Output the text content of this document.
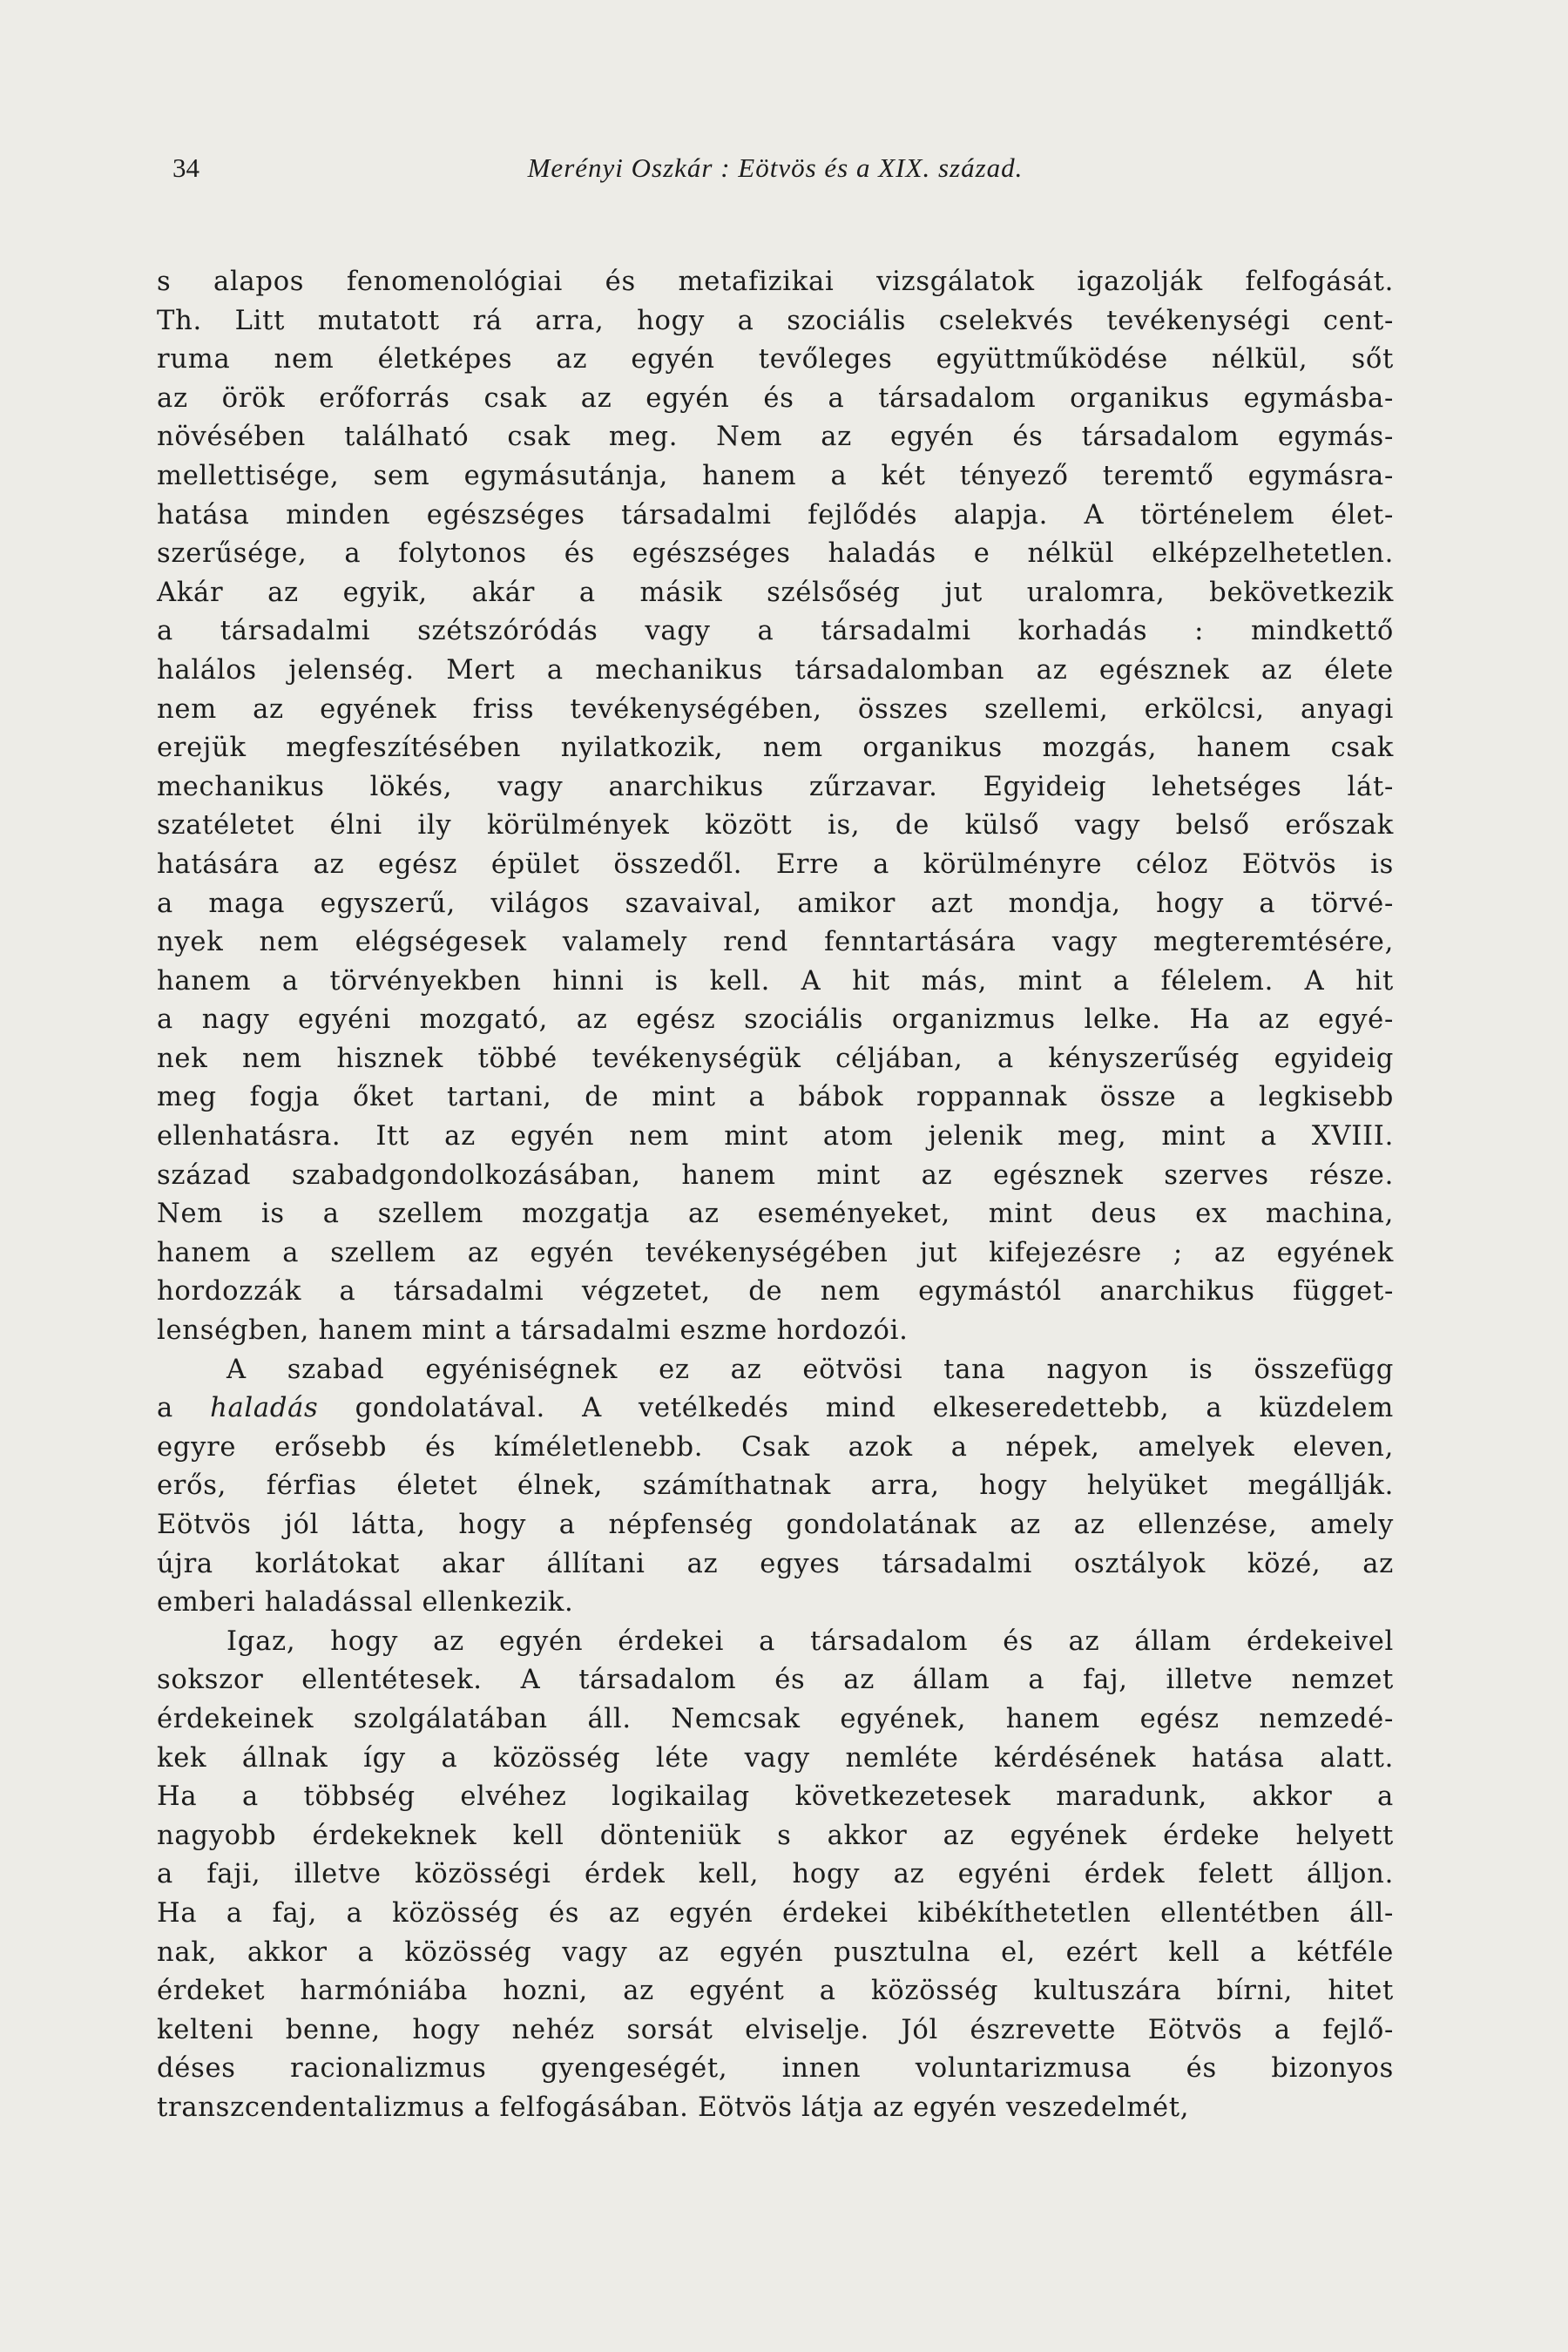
34	Merényi Oszkár : Eötvös és a XIX. század.
s alapos fenomenológiai és metafizikai vizsgálatok igazolják felfogását.
Th. Litt mutatott rá arra, hogy a szociális cselekvés tevékenységi cent-
ruma nem életképes az egyén tevőleges együttműködése nélkül, sőt
az örök erőforrás csak az egyén és a társadalom organikus egymásba-
növésében található csak meg. Nem az egyén és társadalom egymás-
mellettisége, sem egymásutánja, hanem a két tényező teremtő egymásra-
hatása minden egészséges társadalmi fejlődés alapja. A történelem élet-
szerűsége, a folytonos és egészséges haladás e nélkül elképzelhetetlen.
Akár az egyik, akár a másik szélsőség jut uralomra, bekövetkezik
a társadalmi szétszóródás vagy a társadalmi korhadás : mindkettő
halálos jelenség. Mert a mechanikus társadalomban az egésznek az élete
nem az egyének friss tevékenységében, összes szellemi, erkölcsi, anyagi
erejük megfeszítésében nyilatkozik, nem organikus mozgás, hanem csak
mechanikus lökés, vagy anarchikus zűrzavar. Egyideig lehetséges lát-
szatéletet élni ily körülmények között is, de külső vagy belső erőszak
hatására az egész épület összedől. Erre a körülményre céloz Eötvös is
a maga egyszerű, világos szavaival, amikor azt mondja, hogy a törvé-
nyek nem elégségesek valamely rend fenntartására vagy megteremtésére,
hanem a törvényekben hinni is kell. A hit más, mint a félelem. A hit
a nagy egyéni mozgató, az egész szociális organizmus lelke. Ha az egyé-
nek nem hisznek többé tevékenységük céljában, a kényszerűség egyideig
meg fogja őket tartani, de mint a bábok roppannak össze a legkisebb
ellenhatásra. Itt az egyén nem mint atom jelenik meg, mint a XVIII.
század szabadgondolkozásában, hanem mint az egésznek szerves része.
Nem is a szellem mozgatja az eseményeket, mint deus ex machina,
hanem a szellem az egyén tevékenységében jut kifejezésre ; az egyének
hordozzák a társadalmi végzetet, de nem egymástól anarchikus függet-
lenségben, hanem mint a társadalmi eszme hordozói.
A szabad egyéniségnek ez az eötvösi tana nagyon is összefügg
a haladás gondolatával. A vetélkedés mind elkeseredettebb, a küzdelem
egyre erősebb és kíméletlenebb. Csak azok a népek, amelyek eleven,
erős, férfias életet élnek, számíthatnak arra, hogy helyüket megállják.
Eötvös jól látta, hogy a népfenség gondolatának az az ellenzése, amely
újra korlátokat akar állítani az egyes társadalmi osztályok közé, az
emberi haladással ellenkezik.
Igaz, hogy az egyén érdekei a társadalom és az állam érdekeivel
sokszor ellentétesek. A társadalom és az állam a faj, illetve nemzet
érdekeinek szolgálatában áll. Nemcsak egyének, hanem egész nemzedé-
kek állnak így a közösség léte vagy nemléte kérdésének hatása alatt.
Ha a többség elvéhez logikailag következetesek maradunk, akkor a
nagyobb érdekeknek kell dönteniük s akkor az egyének érdeke helyett
a faji, illetve közösségi érdek kell, hogy az egyéni érdek felett álljon.
Ha a faj, a közösség és az egyén érdekei kibékíthetetlen ellentétben áll-
nak, akkor a közösség vagy az egyén pusztulna el, ezért kell a kétféle
érdeket harmóniába hozni, az egyént a közösség kultuszára bírni, hitet
kelteni benne, hogy nehéz sorsát elviselje. Jól észrevette Eötvös a fejlő-
déses racionalizmus gyengeségét, innen voluntarizmusa és bizonyos
transzcendentalizmus a felfogásában. Eötvös látja az egyén veszedelmét,
